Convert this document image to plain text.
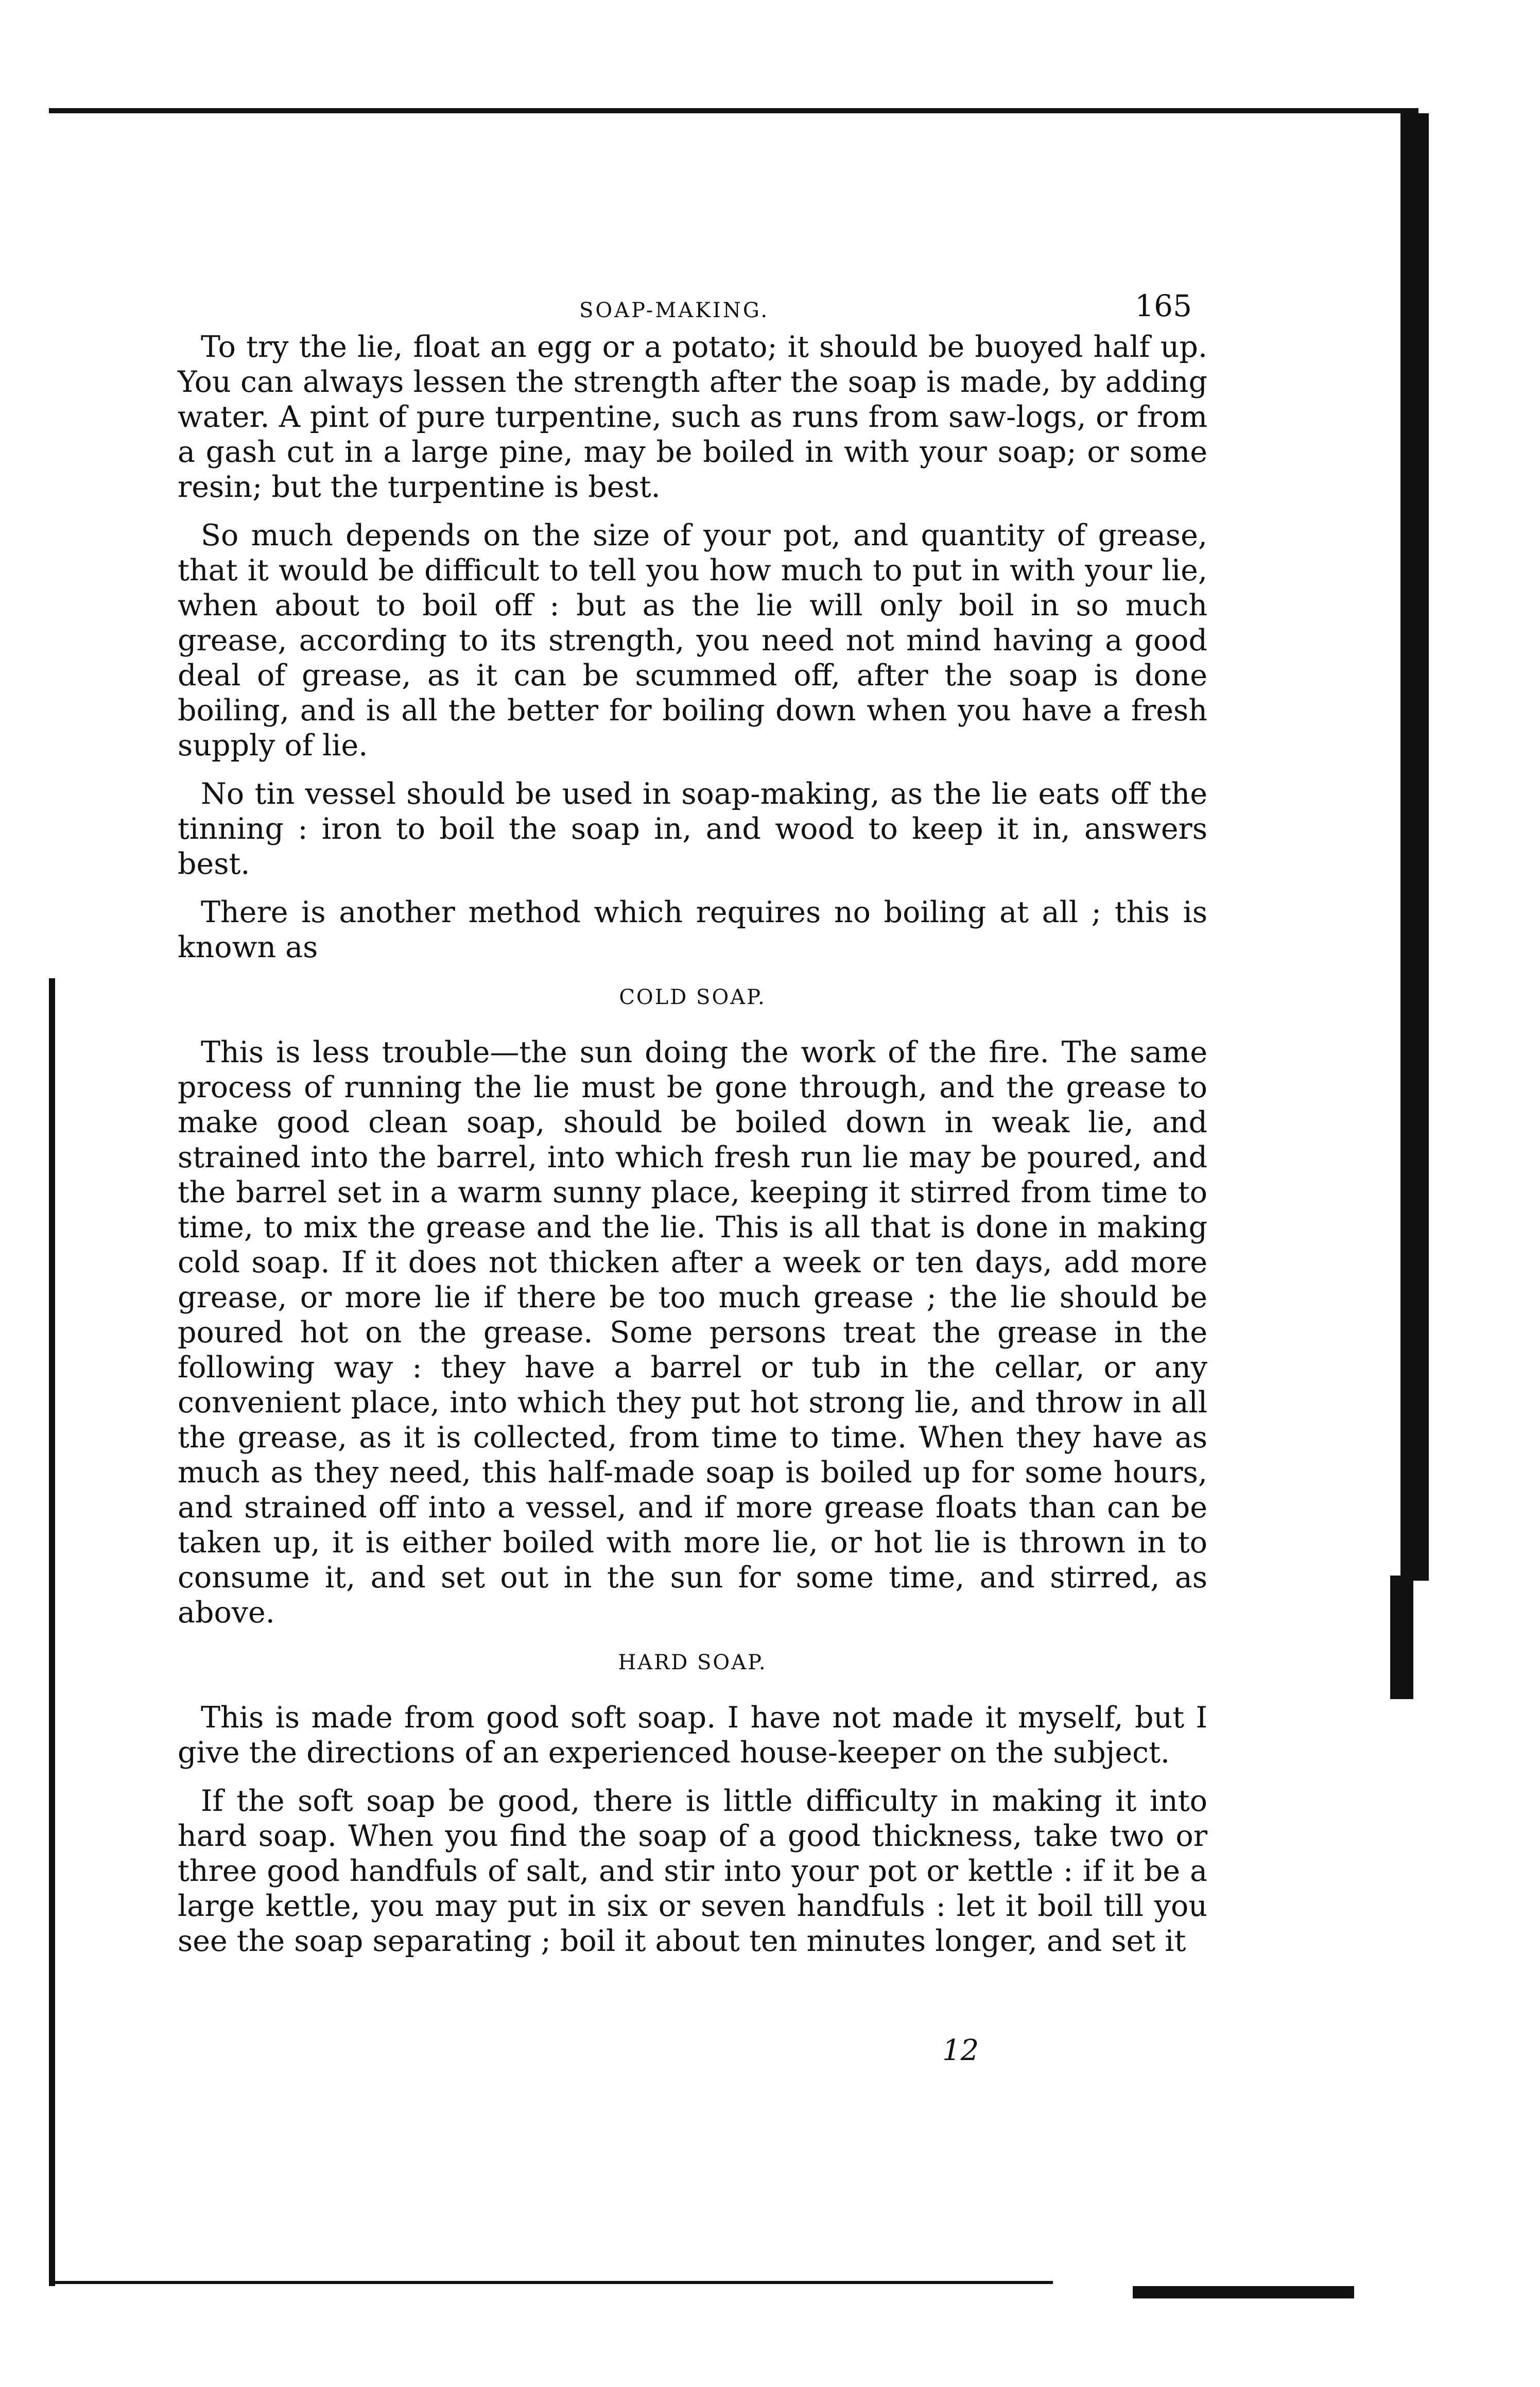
SOAP-MAKING.	165

To try the lie, float an egg or a potato; it should be buoyed half up. You can always lessen the strength after the soap is made, by adding water. A pint of pure turpentine, such as runs from saw-logs, or from a gash cut in a large pine, may be boiled in with your soap; or some resin; but the turpentine is best.

So much depends on the size of your pot, and quantity of grease, that it would be difficult to tell you how much to put in with your lie, when about to boil off : but as the lie will only boil in so much grease, according to its strength, you need not mind having a good deal of grease, as it can be scummed off, after the soap is done boiling, and is all the better for boiling down when you have a fresh supply of lie.

No tin vessel should be used in soap-making, as the lie eats off the tinning : iron to boil the soap in, and wood to keep it in, answers best.

There is another method which requires no boiling at all ; this is known as

COLD SOAP.

This is less trouble—the sun doing the work of the fire. The same process of running the lie must be gone through, and the grease to make good clean soap, should be boiled down in weak lie, and strained into the barrel, into which fresh run lie may be poured, and the barrel set in a warm sunny place, keeping it stirred from time to time, to mix the grease and the lie. This is all that is done in making cold soap. If it does not thicken after a week or ten days, add more grease, or more lie if there be too much grease ; the lie should be poured hot on the grease. Some persons treat the grease in the following way : they have a barrel or tub in the cellar, or any convenient place, into which they put hot strong lie, and throw in all the grease, as it is collected, from time to time. When they have as much as they need, this half-made soap is boiled up for some hours, and strained off into a vessel, and if more grease floats than can be taken up, it is either boiled with more lie, or hot lie is thrown in to consume it, and set out in the sun for some time, and stirred, as above.

HARD SOAP.

This is made from good soft soap. I have not made it myself, but I give the directions of an experienced house-keeper on the subject.

If the soft soap be good, there is little difficulty in making it into hard soap. When you find the soap of a good thickness, take two or three good handfuls of salt, and stir into your pot or kettle : if it be a large kettle, you may put in six or seven handfuls : let it boil till you see the soap separating ; boil it about ten minutes longer, and set it

12
